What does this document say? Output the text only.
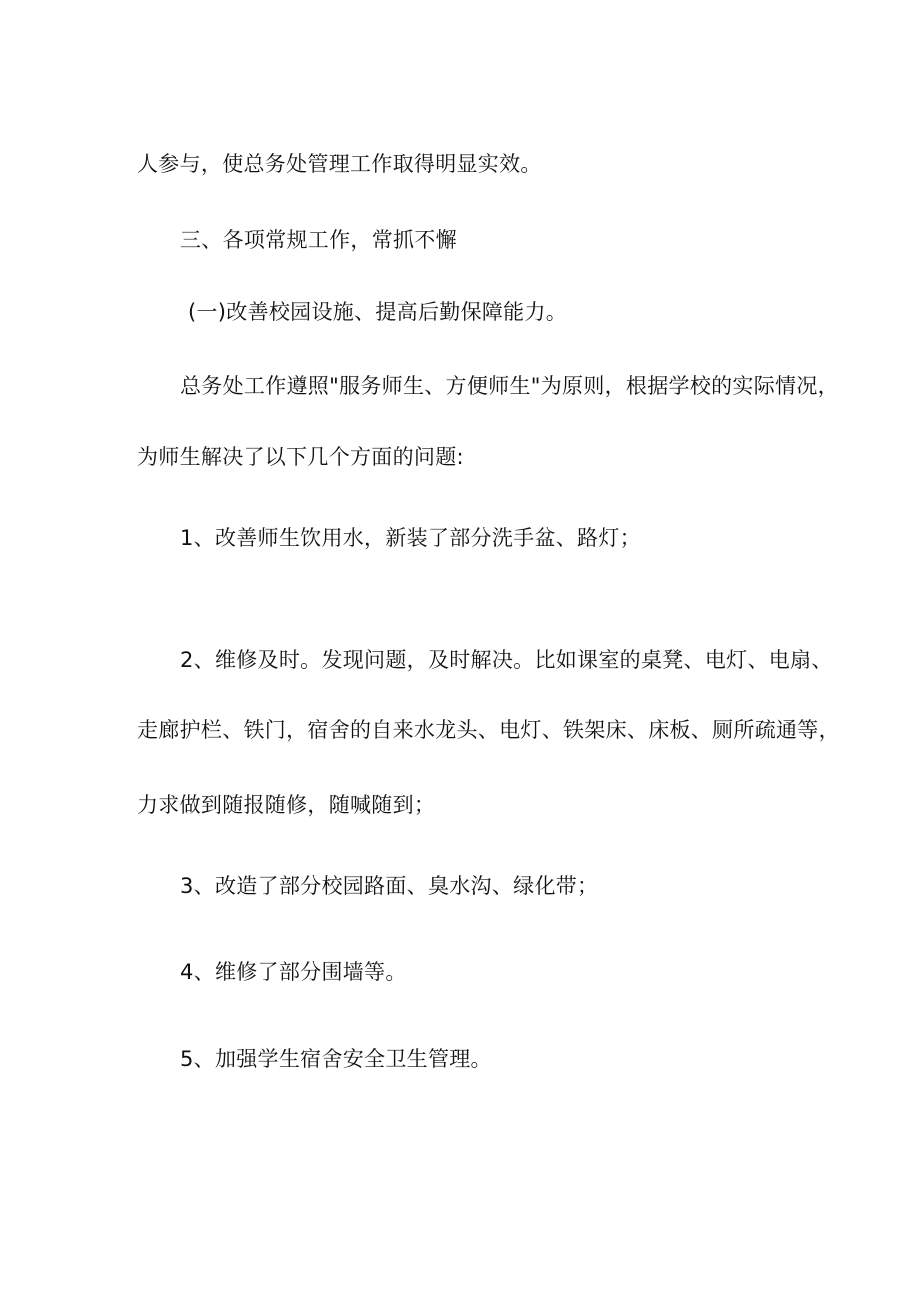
人参与，使总务处管理工作取得明显实效。
三、各项常规工作，常抓不懈
(一)改善校园设施、提高后勤保障能力。
总务处工作遵照"服务师生、方便师生"为原则，根据学校的实际情况，
为师生解决了以下几个方面的问题:
1、改善师生饮用水，新装了部分洗手盆、路灯；
2、维修及时。发现问题，及时解决。比如课室的桌凳、电灯、电扇、
走廊护栏、铁门，宿舍的自来水龙头、电灯、铁架床、床板、厕所疏通等，
力求做到随报随修，随喊随到；
3、改造了部分校园路面、臭水沟、绿化带；
4、维修了部分围墙等。
5、加强学生宿舍安全卫生管理。
